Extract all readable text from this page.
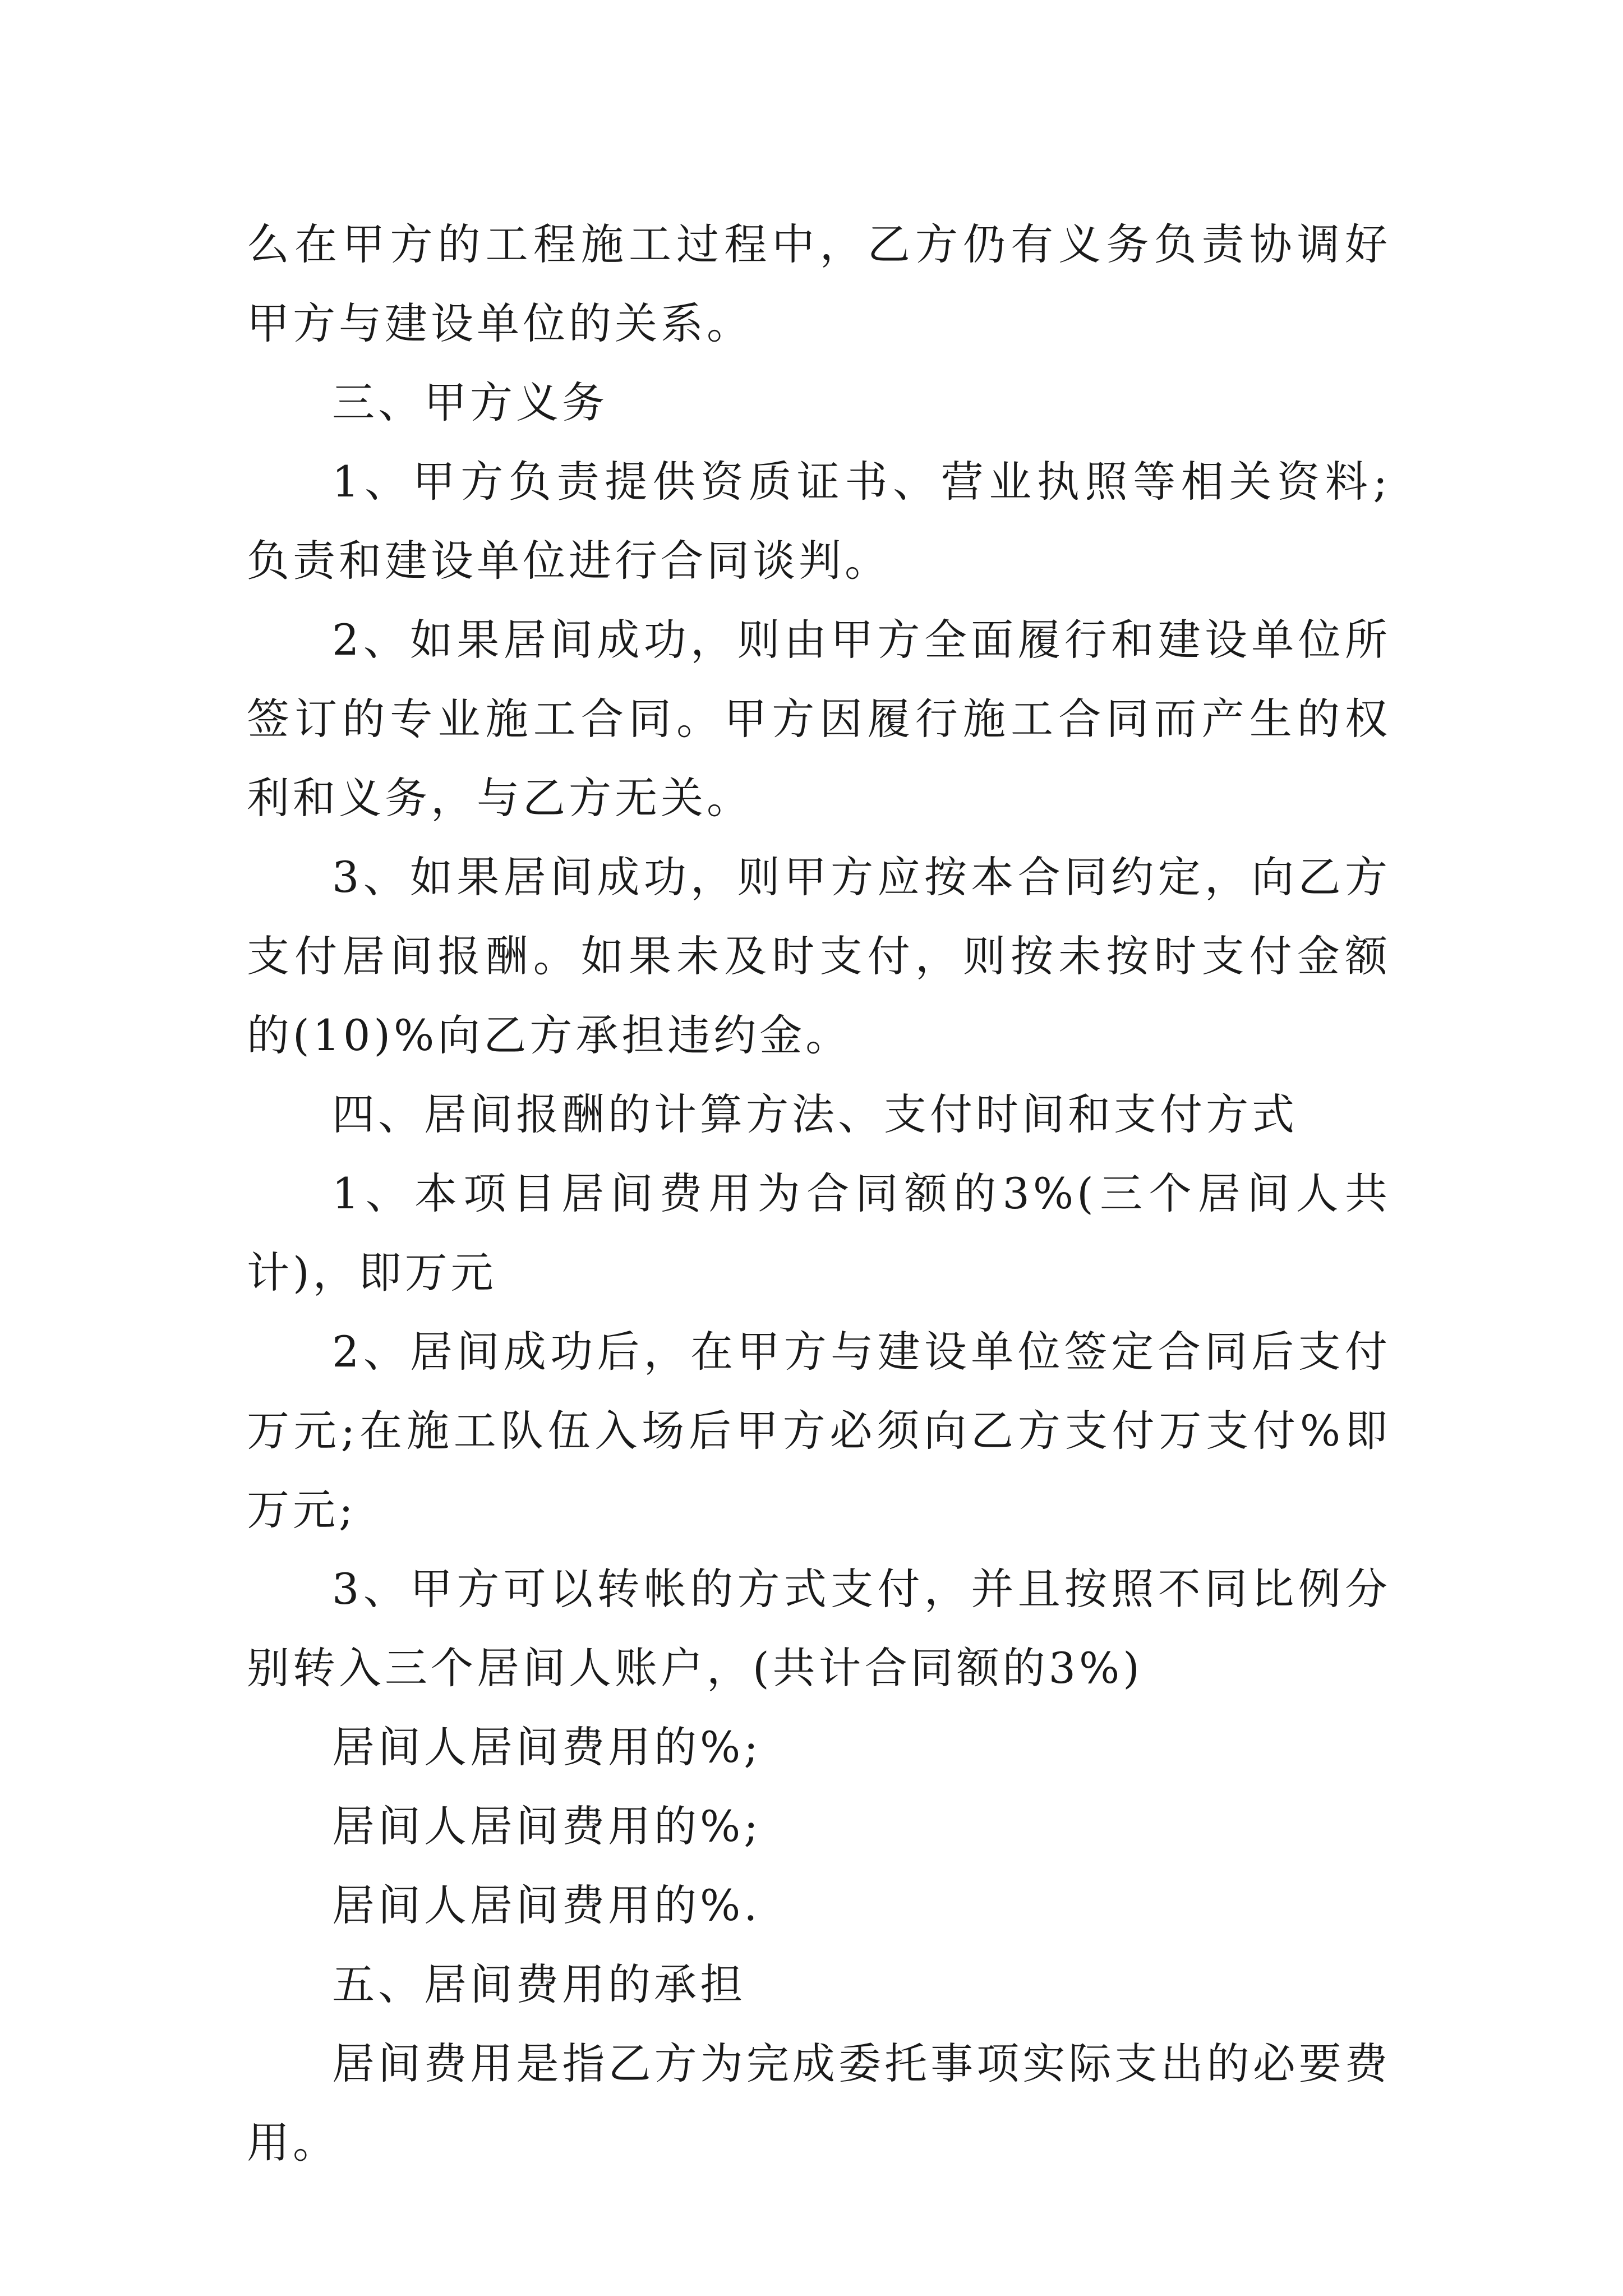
么在甲方的工程施工过程中，乙方仍有义务负责协调好甲方与建设单位的关系。

三、甲方义务

1、甲方负责提供资质证书、营业执照等相关资料;负责和建设单位进行合同谈判。

2、如果居间成功，则由甲方全面履行和建设单位所签订的专业施工合同。甲方因履行施工合同而产生的权利和义务，与乙方无关。

3、如果居间成功，则甲方应按本合同约定，向乙方支付居间报酬。如果未及时支付，则按未按时支付金额的(10)%向乙方承担违约金。

四、居间报酬的计算方法、支付时间和支付方式

1、本项目居间费用为合同额的3%(三个居间人共计)，即万元

2、居间成功后，在甲方与建设单位签定合同后支付万元;在施工队伍入场后甲方必须向乙方支付万支付%即万元;

3、甲方可以转帐的方式支付，并且按照不同比例分别转入三个居间人账户，(共计合同额的3%)

居间人居间费用的%;

居间人居间费用的%;

居间人居间费用的%.

五、居间费用的承担

居间费用是指乙方为完成委托事项实际支出的必要费用。
